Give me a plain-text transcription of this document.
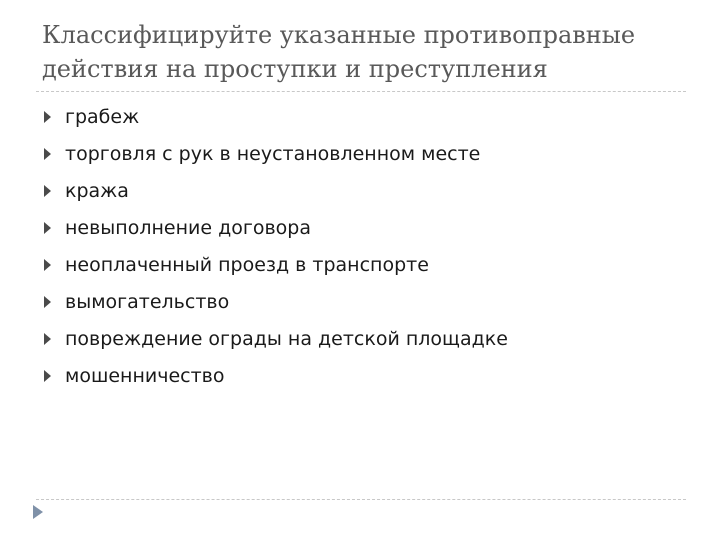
Классифицируйте указанные противоправные действия на проступки и преступления
грабеж
торговля с рук в неустановленном месте
кража
невыполнение договора
неоплаченный проезд в транспорте
вымогательство
повреждение ограды на детской площадке
мошенничество
